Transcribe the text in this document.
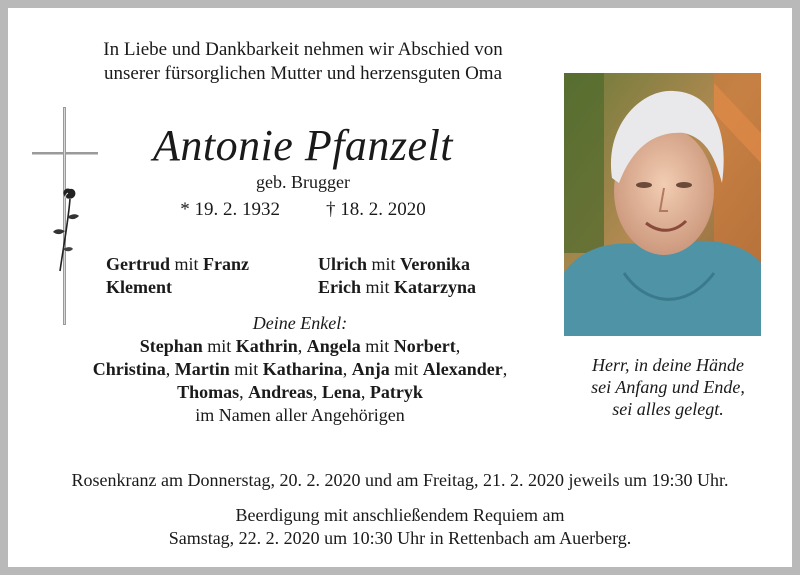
In Liebe und Dankbarkeit nehmen wir Abschied von
unserer fürsorglichen Mutter und herzensguten Oma
Antonie Pfanzelt
geb. Brugger
* 19. 2. 1932 † 18. 2. 2020
Gertrud mit Franz
Klement
Ulrich mit Veronika
Erich mit Katarzyna
Deine Enkel:
Stephan mit Kathrin, Angela mit Norbert,
Christina, Martin mit Katharina, Anja mit Alexander,
Thomas, Andreas, Lena, Patryk
im Namen aller Angehörigen
Herr, in deine Hände
sei Anfang und Ende,
sei alles gelegt.
Rosenkranz am Donnerstag, 20. 2. 2020 und am Freitag, 21. 2. 2020 jeweils um 19:30 Uhr.
Beerdigung mit anschließendem Requiem am
Samstag, 22. 2. 2020 um 10:30 Uhr in Rettenbach am Auerberg.
